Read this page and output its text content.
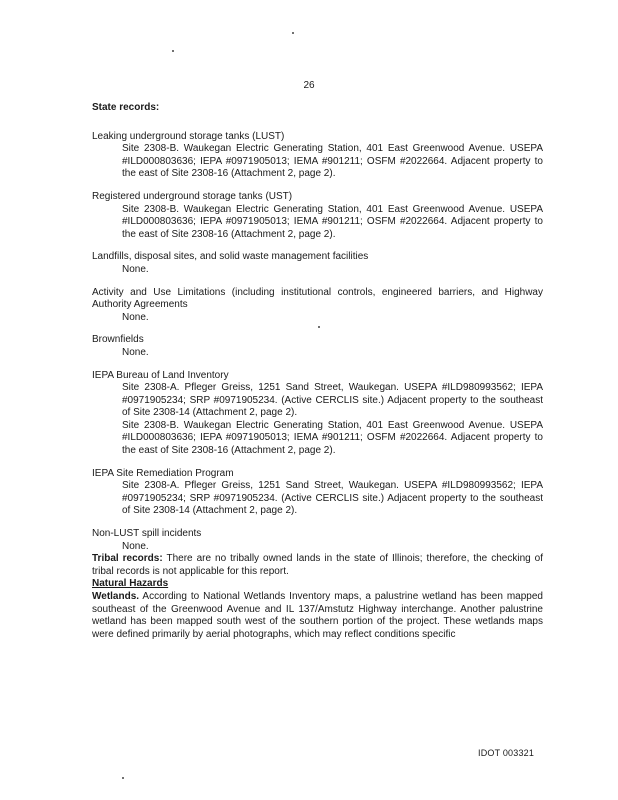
26

State records:

Leaking underground storage tanks (LUST)

Site 2308-B. Waukegan Electric Generating Station, 401 East Greenwood Avenue. USEPA #ILD000803636; IEPA #0971905013; IEMA #901211; OSFM #2022664. Adjacent property to the east of Site 2308-16 (Attachment 2, page 2).

Registered underground storage tanks (UST)

Site 2308-B. Waukegan Electric Generating Station, 401 East Greenwood Avenue. USEPA #ILD000803636; IEPA #0971905013; IEMA #901211; OSFM #2022664. Adjacent property to the east of Site 2308-16 (Attachment 2, page 2).

Landfills, disposal sites, and solid waste management facilities

None.

Activity and Use Limitations (including institutional controls, engineered barriers, and Highway Authority Agreements

None.

Brownfields

None.

IEPA Bureau of Land Inventory

Site 2308-A. Pfleger Greiss, 1251 Sand Street, Waukegan. USEPA #ILD980993562; IEPA #0971905234; SRP #0971905234. (Active CERCLIS site.) Adjacent property to the southeast of Site 2308-14 (Attachment 2, page 2).

Site 2308-B. Waukegan Electric Generating Station, 401 East Greenwood Avenue. USEPA #ILD000803636; IEPA #0971905013; IEMA #901211; OSFM #2022664. Adjacent property to the east of Site 2308-16 (Attachment 2, page 2).

IEPA Site Remediation Program

Site 2308-A. Pfleger Greiss, 1251 Sand Street, Waukegan. USEPA #ILD980993562; IEPA #0971905234; SRP #0971905234. (Active CERCLIS site.) Adjacent property to the southeast of Site 2308-14 (Attachment 2, page 2).

Non-LUST spill incidents

None.

Tribal records: There are no tribally owned lands in the state of Illinois; therefore, the checking of tribal records is not applicable for this report.

Natural Hazards

Wetlands. According to National Wetlands Inventory maps, a palustrine wetland has been mapped southeast of the Greenwood Avenue and IL 137/Amstutz Highway interchange. Another palustrine wetland has been mapped south west of the southern portion of the project. These wetlands maps were defined primarily by aerial photographs, which may reflect conditions specific

IDOT 003321
